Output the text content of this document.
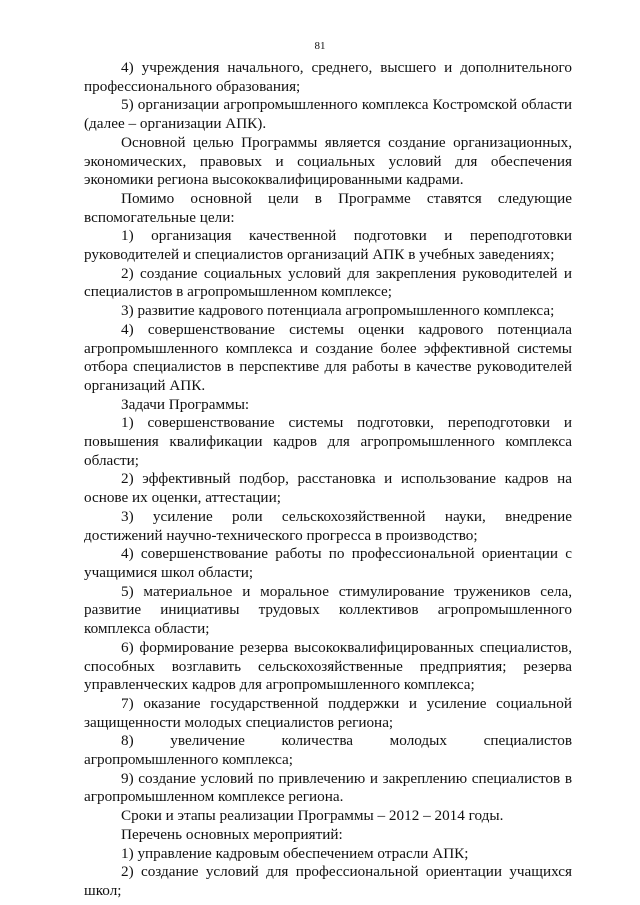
81

4) учреждения начального, среднего, высшего и дополнительного профессионального образования;

5) организации агропромышленного комплекса Костромской области (далее – организации АПК).

Основной целью Программы является создание организационных, экономических, правовых и социальных условий для обеспечения экономики региона высококвалифицированными кадрами.

Помимо основной цели в Программе ставятся следующие вспомогательные цели:

1) организация качественной подготовки и переподготовки руководителей и специалистов организаций АПК в учебных заведениях;

2) создание социальных условий для закрепления руководителей и специалистов в агропромышленном комплексе;

3) развитие кадрового потенциала агропромышленного комплекса;

4) совершенствование системы оценки кадрового потенциала агропромышленного комплекса и создание более эффективной системы отбора специалистов в перспективе для работы в качестве руководителей организаций АПК.

Задачи Программы:

1) совершенствование системы подготовки, переподготовки и повышения квалификации кадров для агропромышленного комплекса области;

2) эффективный подбор, расстановка и использование кадров на основе их оценки, аттестации;

3) усиление роли сельскохозяйственной науки, внедрение достижений научно-технического прогресса в производство;

4) совершенствование работы по профессиональной ориентации с учащимися школ области;

5) материальное и моральное стимулирование тружеников села, развитие инициативы трудовых коллективов агропромышленного комплекса области;

6) формирование резерва высококвалифицированных специалистов, способных возглавить сельскохозяйственные предприятия; резерва управленческих кадров для агропромышленного комплекса;

7) оказание государственной поддержки и усиление социальной защищенности молодых специалистов региона;

8) увеличение количества молодых специалистов агропромышленного комплекса;

9) создание условий по привлечению и закреплению специалистов в агропромышленном комплексе региона.

Сроки и этапы реализации Программы – 2012 – 2014 годы.

Перечень основных мероприятий:

1) управление кадровым обеспечением отрасли АПК;

2) создание условий для профессиональной ориентации учащихся школ;
